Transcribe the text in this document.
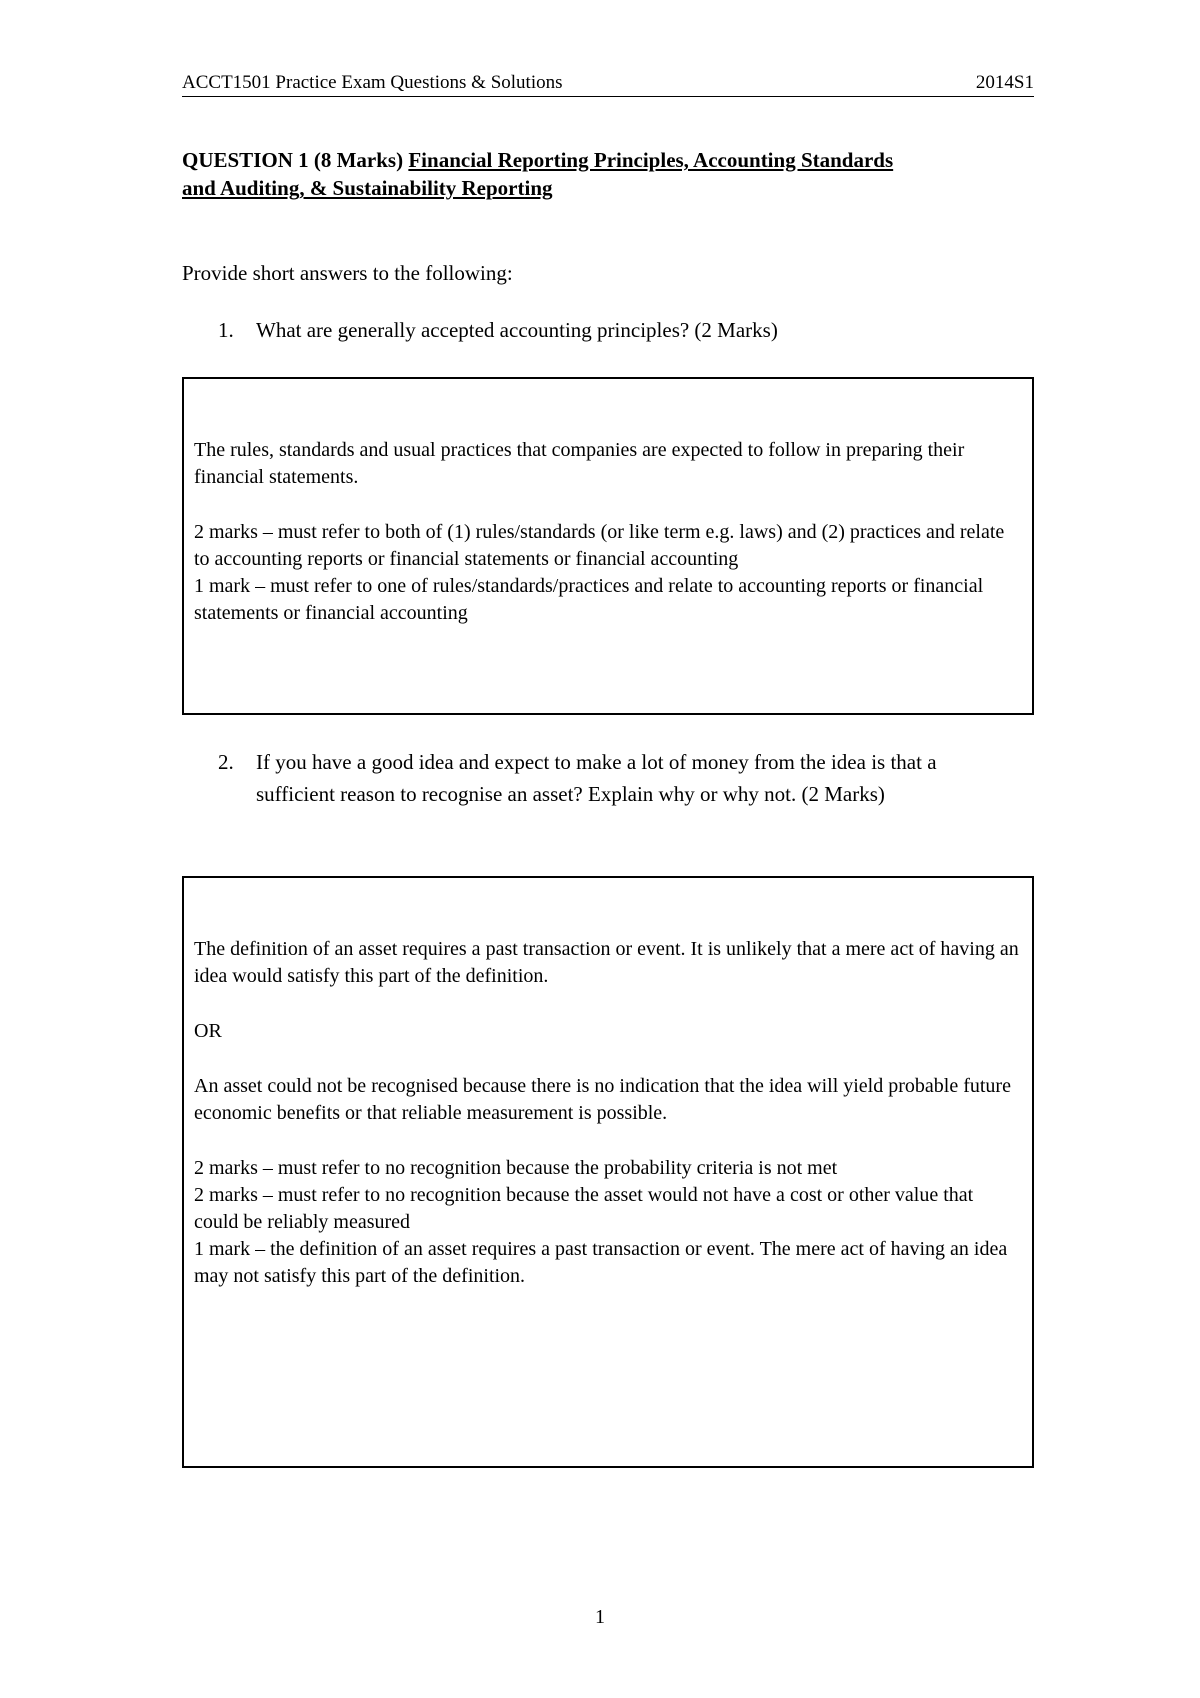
ACCT1501 Practice Exam Questions & Solutions	2014S1
QUESTION 1 (8 Marks) Financial Reporting Principles, Accounting Standards
and Auditing, & Sustainability Reporting
Provide short answers to the following:
1. What are generally accepted accounting principles? (2 Marks)

The rules, standards and usual practices that companies are expected to follow in preparing their financial statements.

2 marks – must refer to both of (1) rules/standards (or like term e.g. laws) and (2) practices and relate to accounting reports or financial statements or financial accounting

1 mark – must refer to one of rules/standards/practices and relate to accounting reports or financial statements or financial accounting

2. If you have a good idea and expect to make a lot of money from the idea is that a sufficient reason to recognise an asset? Explain why or why not. (2 Marks)

The definition of an asset requires a past transaction or event. It is unlikely that a mere act of having an idea would satisfy this part of the definition.

OR

An asset could not be recognised because there is no indication that the idea will yield probable future economic benefits or that reliable measurement is possible.

2 marks – must refer to no recognition because the probability criteria is not met

2 marks – must refer to no recognition because the asset would not have a cost or other value that could be reliably measured

1 mark – the definition of an asset requires a past transaction or event. The mere act of having an idea may not satisfy this part of the definition.

1
